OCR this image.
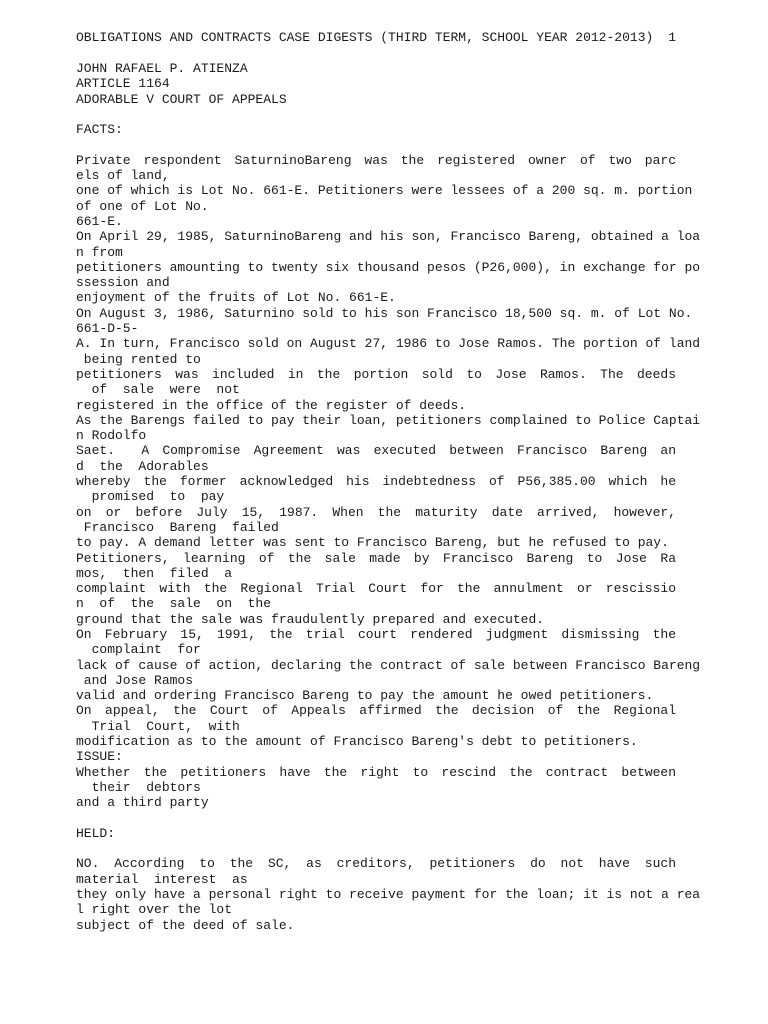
OBLIGATIONS AND CONTRACTS CASE DIGESTS (THIRD TERM, SCHOOL YEAR 2012-2013) 1
JOHN RAFAEL P. ATIENZA
ARTICLE 1164
ADORABLE V COURT OF APPEALS
FACTS:
Private respondent SaturninoBareng was the registered owner of two parc
els of land,
one of which is Lot No. 661-E. Petitioners were lessees of a 200 sq. m. portion
of one of Lot No.
661-E.
On April 29, 1985, SaturninoBareng and his son, Francisco Bareng, obtained a loa
n from
petitioners amounting to twenty six thousand pesos (P26,000), in exchange for po
ssession and
enjoyment of the fruits of Lot No. 661-E.
On August 3, 1986, Saturnino sold to his son Francisco 18,500 sq. m. of Lot No.
661-D-5-
A. In turn, Francisco sold on August 27, 1986 to Jose Ramos. The portion of land
being rented to
petitioners was included in the portion sold to Jose Ramos. The deeds
of  sale  were  not
registered in the office of the register of deeds.
As the Barengs failed to pay their loan, petitioners complained to Police Captai
n Rodolfo
Saet.  A Compromise Agreement was executed between Francisco Bareng an
d  the  Adorables
whereby the former acknowledged his indebtedness of P56,385.00 which he
promised  to  pay
on or before July 15, 1987. When the maturity date arrived, however,
Francisco  Bareng  failed
to pay. A demand letter was sent to Francisco Bareng, but he refused to pay.
Petitioners, learning of the sale made by Francisco Bareng to Jose Ra
mos,  then  filed  a
complaint with the Regional Trial Court for the annulment or rescissio
n  of  the  sale  on  the
ground that the sale was fraudulently prepared and executed.
On February 15, 1991, the trial court rendered judgment dismissing the
complaint  for
lack of cause of action, declaring the contract of sale between Francisco Bareng
and Jose Ramos
valid and ordering Francisco Bareng to pay the amount he owed petitioners.
On appeal, the Court of Appeals affirmed the decision of the Regional
Trial  Court,  with
modification as to the amount of Francisco Bareng's debt to petitioners.
ISSUE:
Whether the petitioners have the right to rescind the contract between
their  debtors
and a third party
HELD:
NO. According to the SC, as creditors, petitioners do not have such
material  interest  as
they only have a personal right to receive payment for the loan; it is not a rea
l right over the lot
subject of the deed of sale.
